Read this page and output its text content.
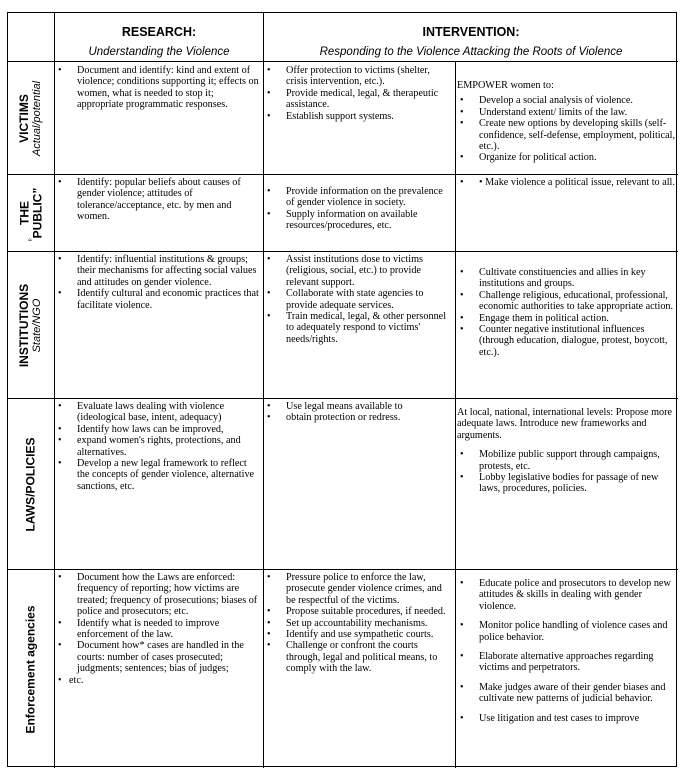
RESEARCH:
Understanding the Violence
INTERVENTION:
Responding to the Violence Attacking the Roots of Violence
VICTIMS Actual/potential
• Document and identify: kind and extent of violence; conditions supporting it; effects on women, what is needed to stop it; appropriate programmatic responses.
• Offer protection to victims (shelter, crisis intervention, etc.).
• Provide medical, legal, & therapeutic assistance.
• Establish support systems.
EMPOWER women to:
• Develop a social analysis of violence.
• Understand extent/ limits of the law.
• Create new options by developing skills (self-confidence, self-defense, employment, political, etc.).
• Organize for political action.
THE PUBLIC”
“
• Identify: popular beliefs about causes of gender violence; attitudes of tolerance/acceptance, etc. by men and women.
• Provide information on the prevalence of gender violence in society.
• Supply information on available resources/procedures, etc.
• • Make violence a political issue, relevant to all.
INSTITUTIONS State/NGO
• Identify: influential institutions & groups; their mechanisms for affecting social values and attitudes on gender violence.
• Identify cultural and economic practices that facilitate violence.
• Assist institutions dose to victims (religious, social, etc.) to provide relevant support.
• Collaborate with state agencies to provide adequate services.
• Train medical, legal, & other personnel to adequately respond to victims' needs/rights.
• Cultivate constituencies and allies in key institutions and groups.
• Challenge religious, educational, professional, economic authorities to take appropriate action.
• Engage them in political action.
• Counter negative institutional influences (through education, dialogue, protest, boycott, etc.).
LAWS/POLICIES
• Evaluate laws dealing with violence (ideological base, intent, adequacy)
• Identify how laws can be improved,
• expand women's rights, protections, and alternatives.
• Develop a new legal framework to reflect the concepts of gender violence, alternative sanctions, etc.
• Use legal means available to
• obtain protection or redress.	At local, national, international levels: Propose more adequate laws. Introduce new frameworks and arguments.
• Mobilize public support through campaigns, protests, etc.
• Lobby legislative bodies for passage of new laws, procedures, policies.
Enforcement agencies
• Document how the Laws are enforced: frequency of reporting; how victims are treated; frequency of prosecutions; biases of police and prosecutors; etc.
• Identify what is needed to improve enforcement of the law.
• Document how* cases are handled in the courts: number of cases prosecuted; judgments; sentences; bias of judges;
• etc.
• Pressure police to enforce the law, prosecute gender violence crimes, and be respectful of the victims.
• Propose suitable procedures, if needed.
• Set up accountability mechanisms.
• Identify and use sympathetic courts.
• Challenge or confront the courts through, legal and political means, to comply with the law.
• Educate police and prosecutors to develop new attitudes & skills in dealing with gender violence.
• Monitor police handling of violence cases and police behavior.
• Elaborate alternative approaches regarding victims and perpetrators.
• Make judges aware of their gender biases and cultivate new patterns of judicial behavior.
• Use litigation and test cases to improve
